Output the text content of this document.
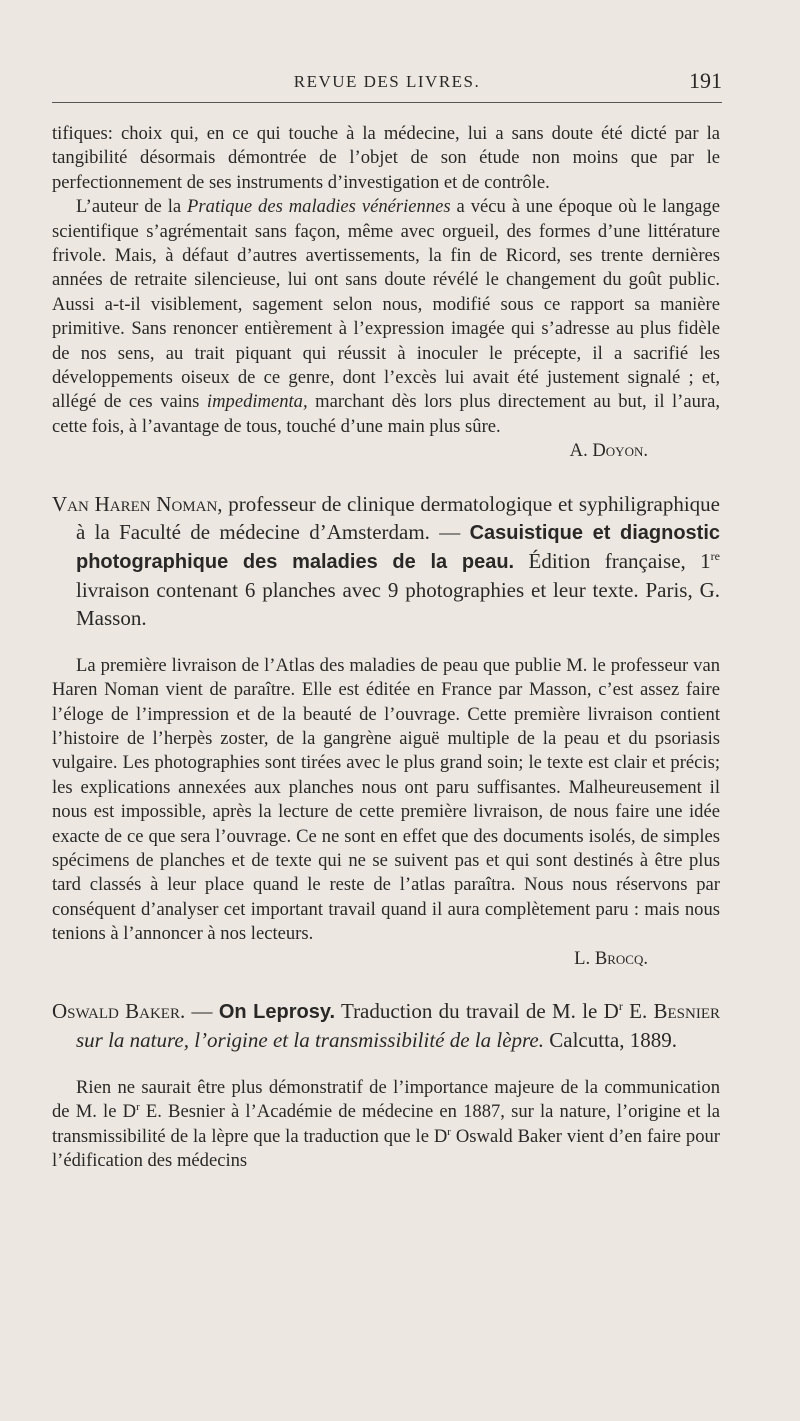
REVUE DES LIVRES.	191

tifiques: choix qui, en ce qui touche à la médecine, lui a sans doute été dicté par la tangibilité désormais démontrée de l’objet de son étude non moins que par le perfectionnement de ses instruments d’investigation et de contrôle.

L’auteur de la Pratique des maladies vénériennes a vécu à une époque où le langage scientifique s’agrémentait sans façon, même avec orgueil, des formes d’une littérature frivole. Mais, à défaut d’autres avertissements, la fin de Ricord, ses trente dernières années de retraite silencieuse, lui ont sans doute révélé le changement du goût public. Aussi a-t-il visiblement, sagement selon nous, modifié sous ce rapport sa manière primitive. Sans renoncer entièrement à l’expression imagée qui s’adresse au plus fidèle de nos sens, au trait piquant qui réussit à inoculer le précepte, il a sacrifié les développements oiseux de ce genre, dont l’excès lui avait été justement signalé ; et, allégé de ces vains impedimenta, marchant dès lors plus directement au but, il l’aura, cette fois, à l’avantage de tous, touché d’une main plus sûre.

A. Doyon.

Van Haren Noman, professeur de clinique dermatologique et syphiligraphique à la Faculté de médecine d’Amsterdam. — Casuistique et diagnostic photographique des maladies de la peau. Édition française, 1re livraison contenant 6 planches avec 9 photographies et leur texte. Paris, G. Masson.

La première livraison de l’Atlas des maladies de peau que publie M. le professeur van Haren Noman vient de paraître. Elle est éditée en France par Masson, c’est assez faire l’éloge de l’impression et de la beauté de l’ouvrage. Cette première livraison contient l’histoire de l’herpès zoster, de la gangrène aiguë multiple de la peau et du psoriasis vulgaire. Les photographies sont tirées avec le plus grand soin; le texte est clair et précis; les explications annexées aux planches nous ont paru suffisantes. Malheureusement il nous est impossible, après la lecture de cette première livraison, de nous faire une idée exacte de ce que sera l’ouvrage. Ce ne sont en effet que des documents isolés, de simples spécimens de planches et de texte qui ne se suivent pas et qui sont destinés à être plus tard classés à leur place quand le reste de l’atlas paraîtra. Nous nous réservons par conséquent d’analyser cet important travail quand il aura complètement paru : mais nous tenions à l’annoncer à nos lecteurs.

L. Brocq.

Oswald Baker. — On Leprosy. Traduction du travail de M. le $D^r$ E. Besnier sur la nature, l’origine et la transmissibilité de la lèpre. Calcutta, 1889.

Rien ne saurait être plus démonstratif de l’importance majeure de la communication de M. le $D^r$ E. Besnier à l’Académie de médecine en 1887, sur la nature, l’origine et la transmissibilité de la lèpre que la traduction que le $D^r$ Oswald Baker vient d’en faire pour l’édification des médecins
